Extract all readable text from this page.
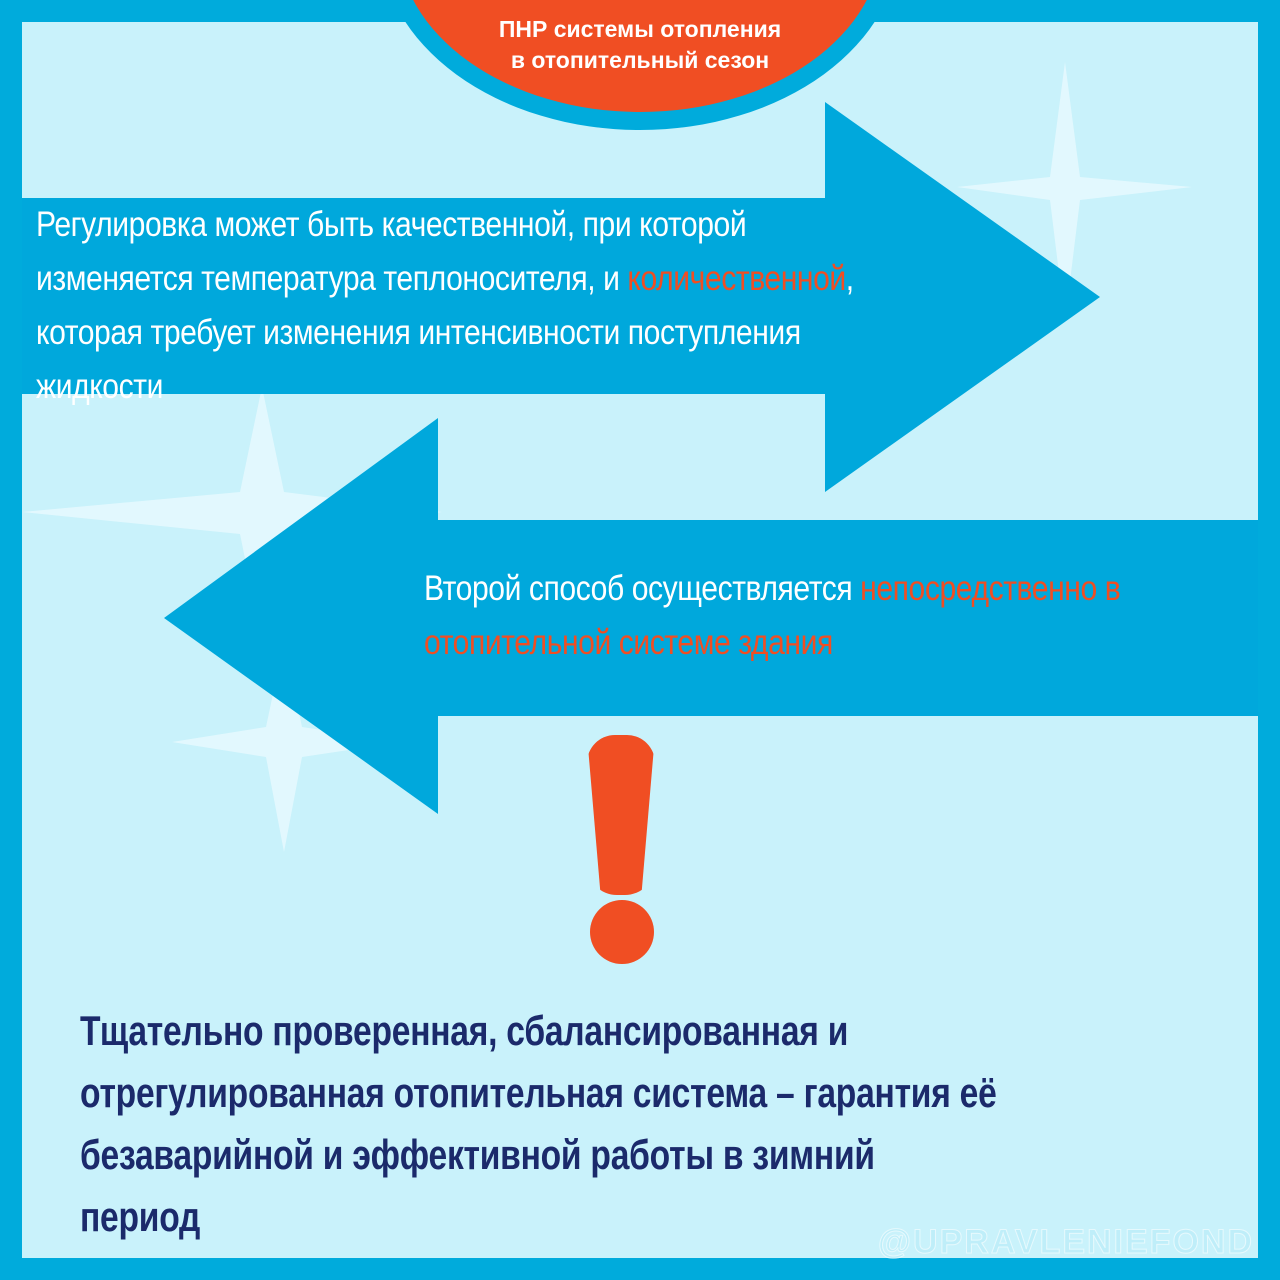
ПНР системы отопления
в отопительный сезон
Регулировка может быть качественной, при которой изменяется температура теплоносителя, и количественной, которая требует изменения интенсивности поступления жидкости
Второй способ осуществляется непосредственно в отопительной системе здания
Тщательно проверенная, сбалансированная и
отрегулированная отопительная система – гарантия её
безаварийной и эффективной работы в зимний период
@UPRAVLENIEFOND
